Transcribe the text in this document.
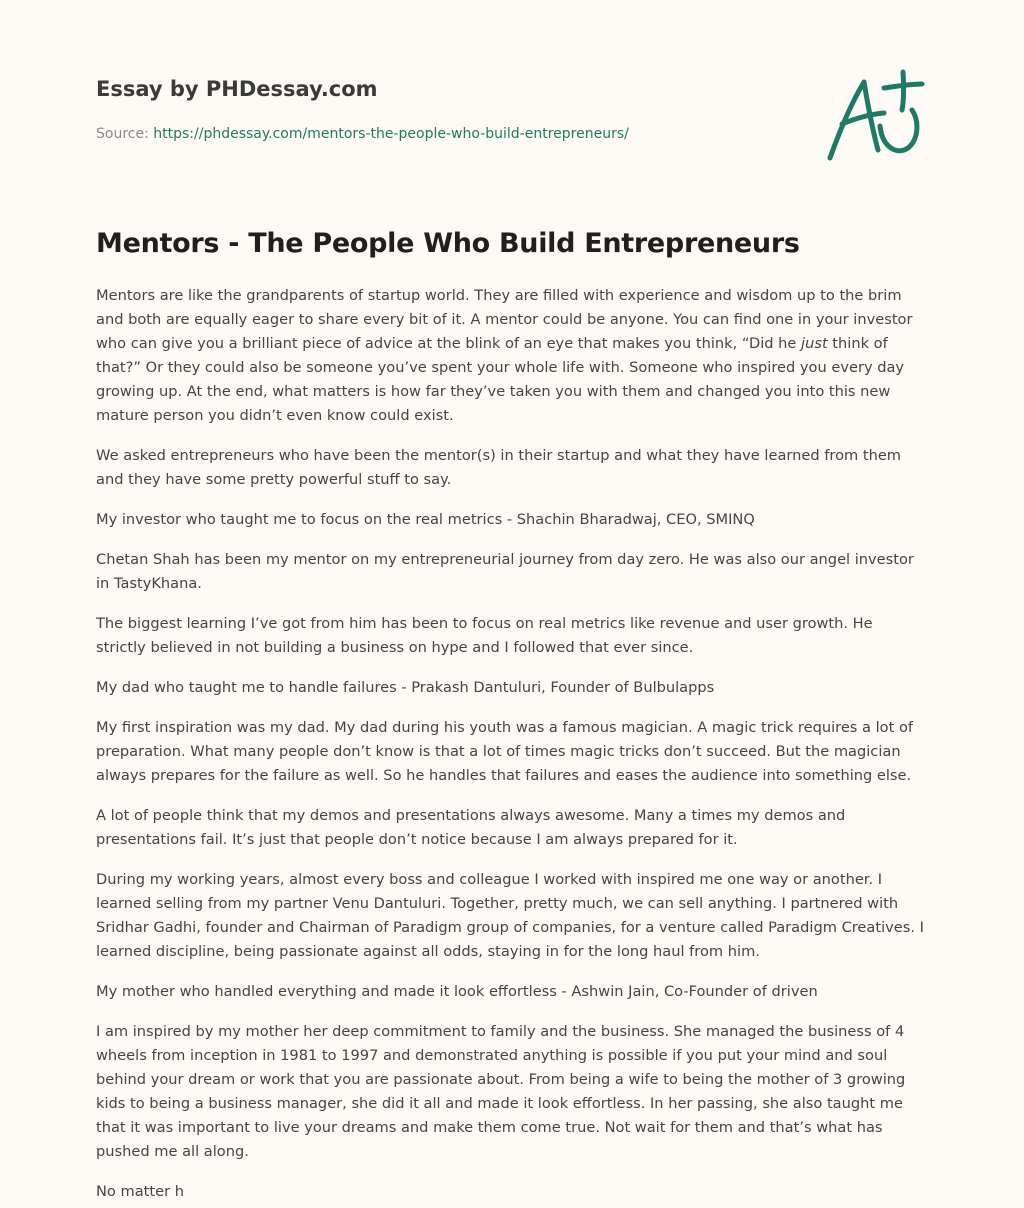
Essay by PHDessay.com
Source: https://phdessay.com/mentors-the-people-who-build-entrepreneurs/
Mentors - The People Who Build Entrepreneurs

Mentors are like the grandparents of startup world. They are filled with experience and wisdom up to the brim and both are equally eager to share every bit of it. A mentor could be anyone. You can find one in your investor who can give you a brilliant piece of advice at the blink of an eye that makes you think, “Did he just think of that?” Or they could also be someone you’ve spent your whole life with. Someone who inspired you every day growing up. At the end, what matters is how far they’ve taken you with them and changed you into this new mature person you didn’t even know could exist.

We asked entrepreneurs who have been the mentor(s) in their startup and what they have learned from them and they have some pretty powerful stuff to say.

My investor who taught me to focus on the real metrics - Shachin Bharadwaj, CEO, SMINQ

Chetan Shah has been my mentor on my entrepreneurial journey from day zero. He was also our angel investor in TastyKhana.

The biggest learning I’ve got from him has been to focus on real metrics like revenue and user growth. He strictly believed in not building a business on hype and I followed that ever since.

My dad who taught me to handle failures - Prakash Dantuluri, Founder of Bulbulapps

My first inspiration was my dad. My dad during his youth was a famous magician. A magic trick requires a lot of preparation. What many people don’t know is that a lot of times magic tricks don’t succeed. But the magician always prepares for the failure as well. So he handles that failures and eases the audience into something else.

A lot of people think that my demos and presentations always awesome. Many a times my demos and presentations fail. It’s just that people don’t notice because I am always prepared for it.

During my working years, almost every boss and colleague I worked with inspired me one way or another. I learned selling from my partner Venu Dantuluri. Together, pretty much, we can sell anything. I partnered with Sridhar Gadhi, founder and Chairman of Paradigm group of companies, for a venture called Paradigm Creatives. I learned discipline, being passionate against all odds, staying in for the long haul from him.

My mother who handled everything and made it look effortless - Ashwin Jain, Co-Founder of driven

I am inspired by my mother her deep commitment to family and the business. She managed the business of 4 wheels from inception in 1981 to 1997 and demonstrated anything is possible if you put your mind and soul behind your dream or work that you are passionate about. From being a wife to being the mother of 3 growing kids to being a business manager, she did it all and made it look effortless. In her passing, she also taught me that it was important to live your dreams and make them come true. Not wait for them and that’s what has pushed me all along.

No matter h
